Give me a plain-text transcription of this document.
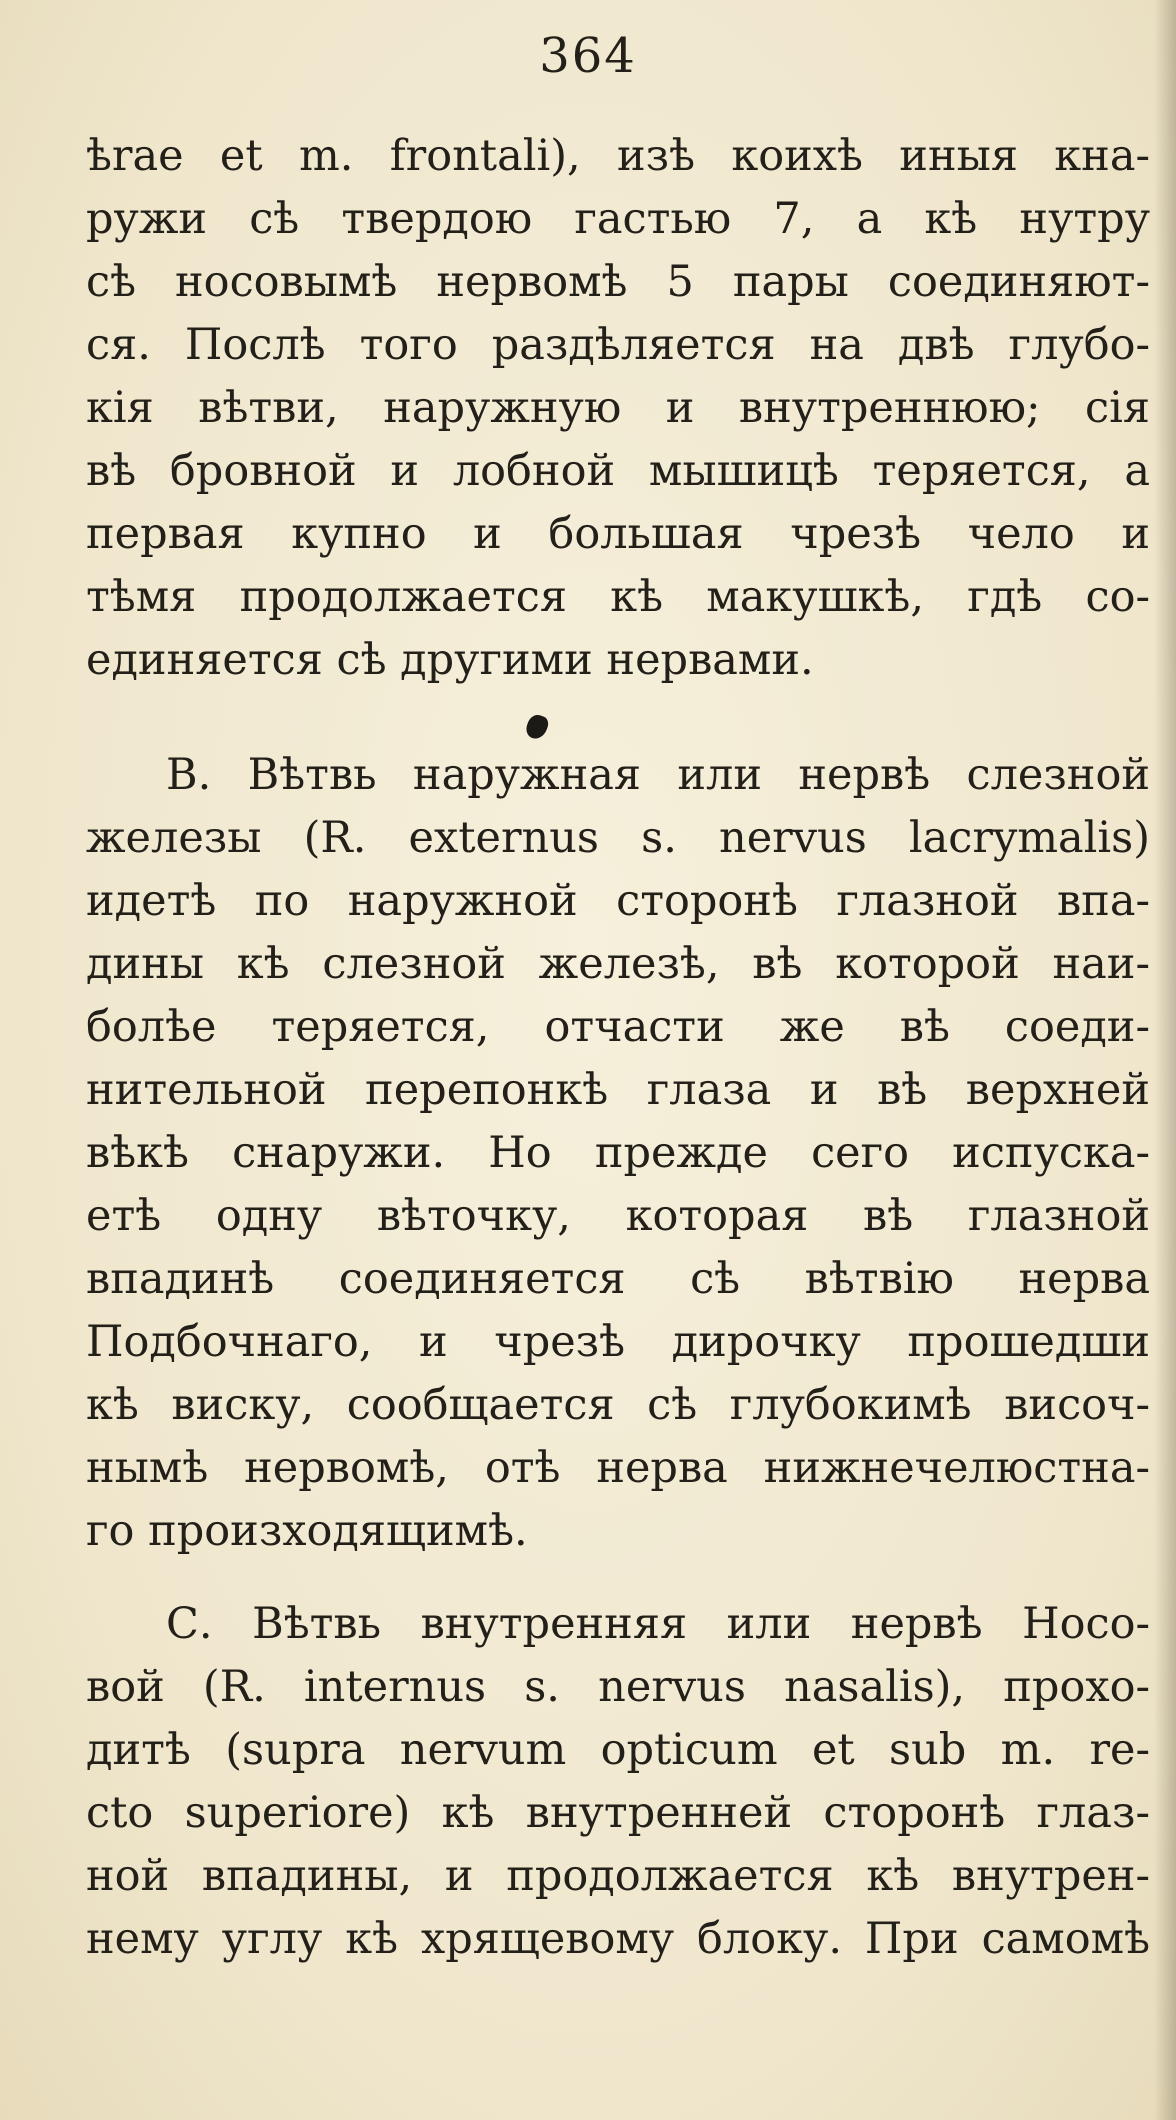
364
ѣrae et m. frontali), изѣ коихѣ иныя кна-
ружи сѣ твердою гастью 7, а кѣ нутру
сѣ носовымѣ нервомѣ 5 пары соединяют-
ся. Послѣ того раздѣляется на двѣ глубо-
кія вѣтви, наружную и внутреннюю; сія
вѣ бровной и лобной мышицѣ теряется, а
первая купно и большая чрезѣ чело и
тѣмя продолжается кѣ макушкѣ, гдѣ со-
единяется сѣ другими нервами.
В. Вѣтвь наружная или нервѣ слезной
железы (R. externus s. nervus lacrymalis)
идетѣ по наружной сторонѣ глазной впа-
дины кѣ слезной железѣ, вѣ которой наи-
болѣе теряется, отчасти же вѣ соеди-
нительной перепонкѣ глаза и вѣ верхней
вѣкѣ снаружи. Но прежде сего испуска-
етѣ одну вѣточку, которая вѣ глазной
впадинѣ соединяется сѣ вѣтвію нерва
Подбочнаго, и чрезѣ дирочку прошедши
кѣ виску, сообщается сѣ глубокимѣ височ-
нымѣ нервомѣ, отѣ нерва нижнечелюстна-
го произходящимѣ.
С. Вѣтвь внутренняя или нервѣ Носо-
вой (R. internus s. nervus nasalis), прохо-
дитѣ (supra nervum opticum et sub m. re-
cto superiore) кѣ внутренней сторонѣ глаз-
ной впадины, и продолжается кѣ внутрен-
нему углу кѣ хрящевому блоку. При самомѣ
